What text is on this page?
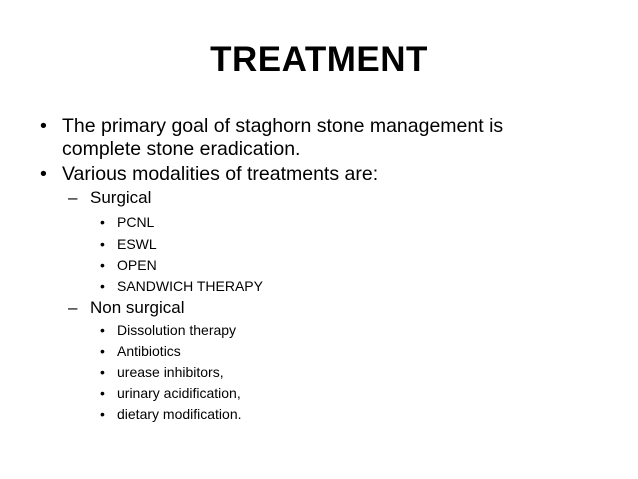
TREATMENT
• The primary goal of staghorn stone management is
complete stone eradication.
• Various modalities of treatments are:
– Surgical
• PCNL
• ESWL
• OPEN
• SANDWICH THERAPY
– Non surgical
• Dissolution therapy
• Antibiotics
• urease inhibitors,
• urinary acidification,
• dietary modification.
